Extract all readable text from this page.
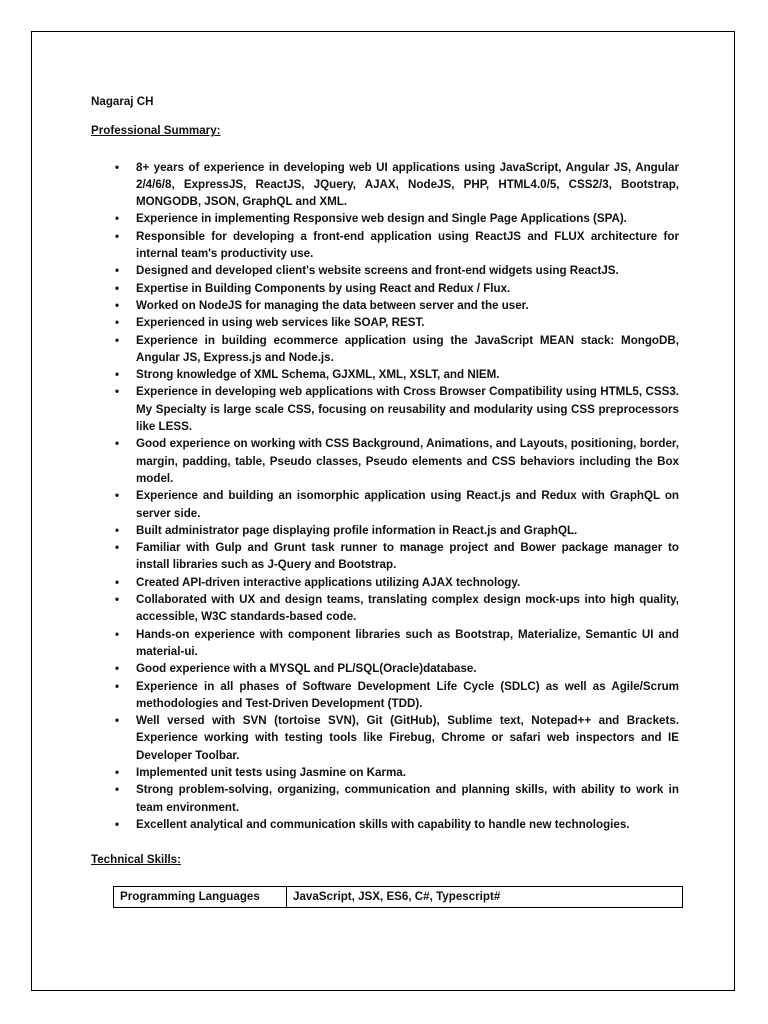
Nagaraj CH
Professional Summary:
• 8+ years of experience in developing web UI applications using JavaScript, Angular JS, Angular 2/4/6/8, ExpressJS, ReactJS, JQuery, AJAX, NodeJS, PHP, HTML4.0/5, CSS2/3, Bootstrap, MONGODB, JSON, GraphQL and XML.
• Experience in implementing Responsive web design and Single Page Applications (SPA).
• Responsible for developing a front-end application using ReactJS and FLUX architecture for internal team's productivity use.
• Designed and developed client's website screens and front-end widgets using ReactJS.
• Expertise in Building Components by using React and Redux / Flux.
• Worked on NodeJS for managing the data between server and the user.
• Experienced in using web services like SOAP, REST.
• Experience in building ecommerce application using the JavaScript MEAN stack: MongoDB, Angular JS, Express.js and Node.js.
• Strong knowledge of XML Schema, GJXML, XML, XSLT, and NIEM.
• Experience in developing web applications with Cross Browser Compatibility using HTML5, CSS3. My Specialty is large scale CSS, focusing on reusability and modularity using CSS preprocessors like LESS.
• Good experience on working with CSS Background, Animations, and Layouts, positioning, border, margin, padding, table, Pseudo classes, Pseudo elements and CSS behaviors including the Box model.
• Experience and building an isomorphic application using React.js and Redux with GraphQL on server side.
• Built administrator page displaying profile information in React.js and GraphQL.
• Familiar with Gulp and Grunt task runner to manage project and Bower package manager to install libraries such as J-Query and Bootstrap.
• Created API-driven interactive applications utilizing AJAX technology.
• Collaborated with UX and design teams, translating complex design mock-ups into high quality, accessible, W3C standards-based code.
• Hands-on experience with component libraries such as Bootstrap, Materialize, Semantic UI and material-ui.
• Good experience with a MYSQL and PL/SQL(Oracle)database.
• Experience in all phases of Software Development Life Cycle (SDLC) as well as Agile/Scrum methodologies and Test-Driven Development (TDD).
• Well versed with SVN (tortoise SVN), Git (GitHub), Sublime text, Notepad++ and Brackets. Experience working with testing tools like Firebug, Chrome or safari web inspectors and IE Developer Toolbar.
• Implemented unit tests using Jasmine on Karma.
• Strong problem-solving, organizing, communication and planning skills, with ability to work in team environment.
• Excellent analytical and communication skills with capability to handle new technologies.
Technical Skills:
Programming Languages	JavaScript, JSX, ES6, C#, Typescript#
